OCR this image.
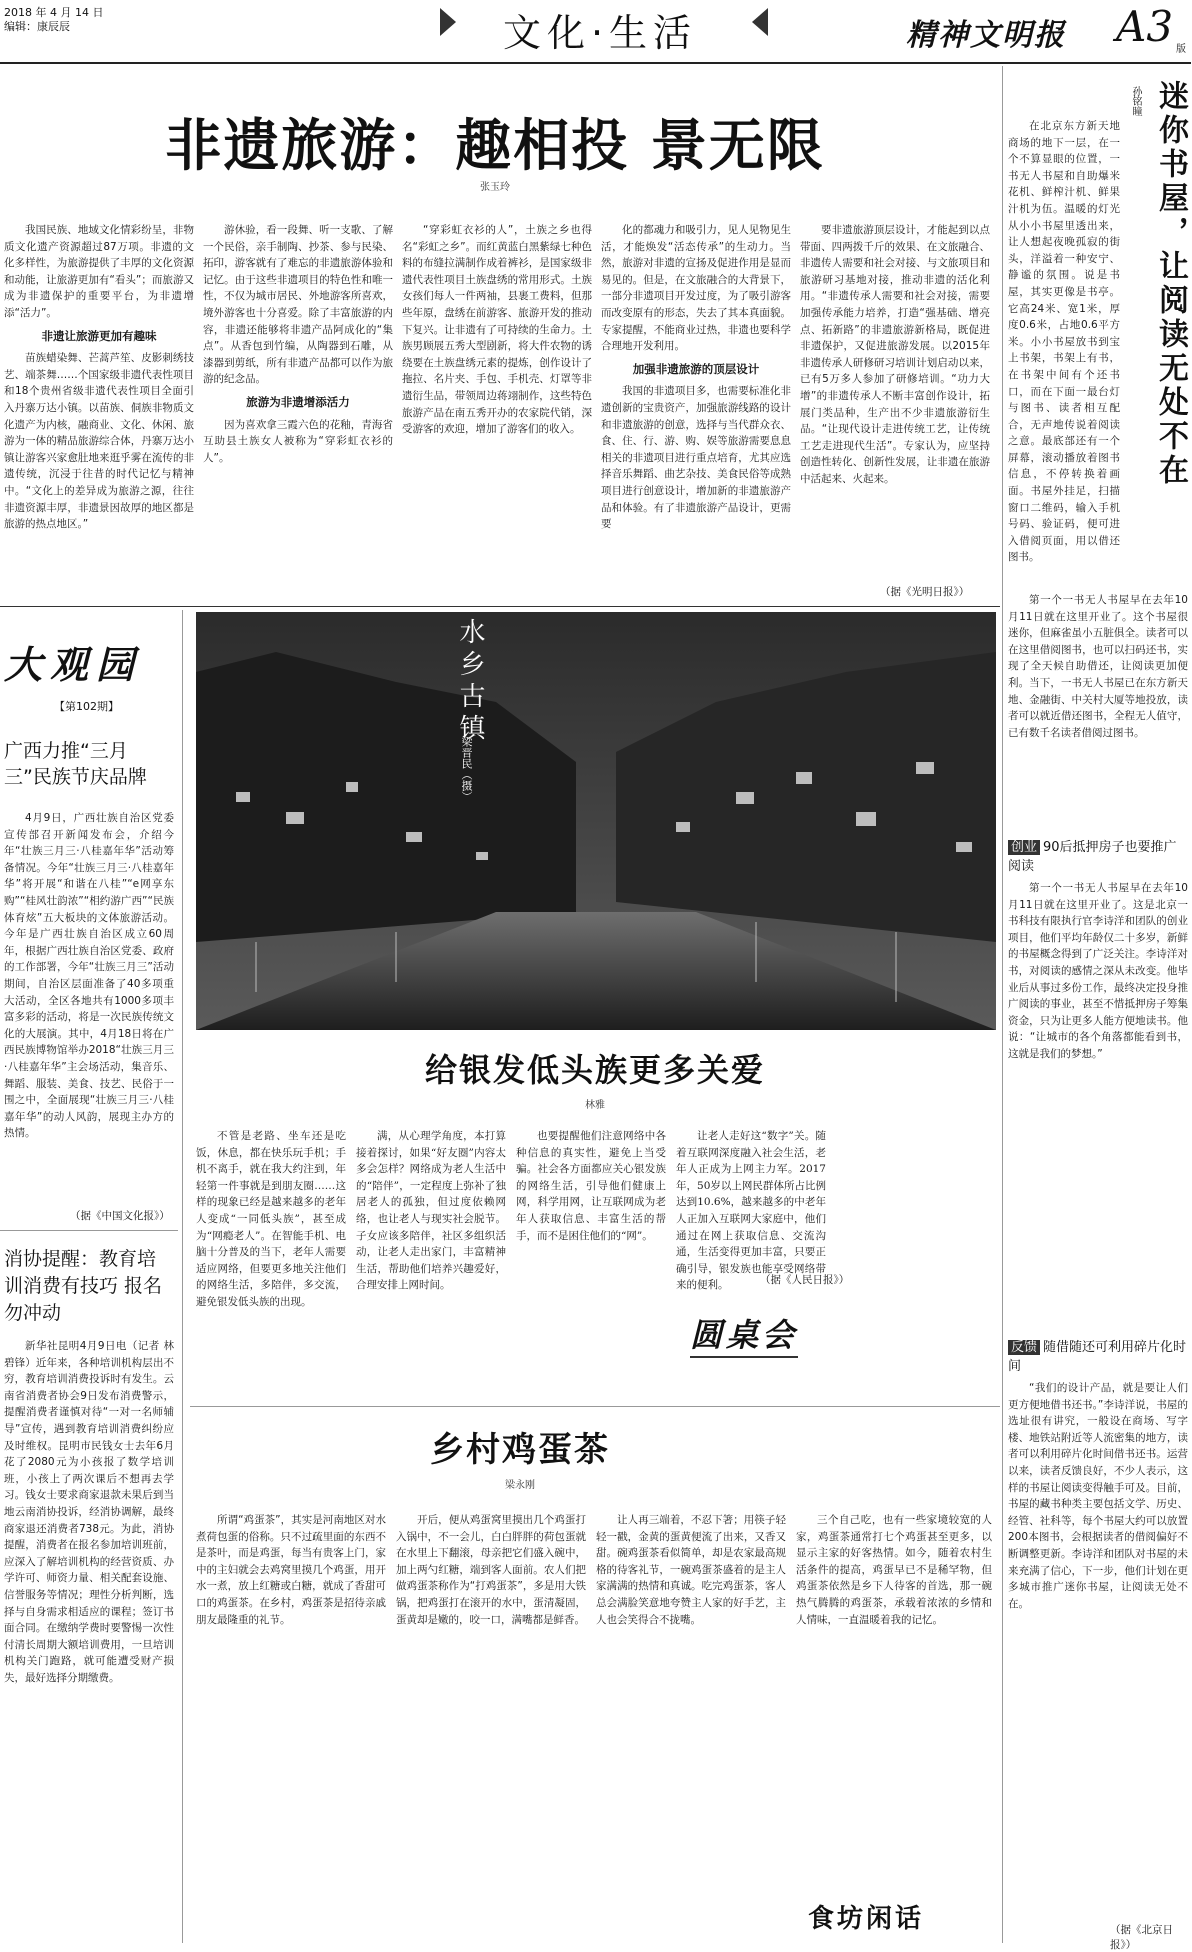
2018 年 4 月 14 日
编辑：康辰辰	文化·生活	精神文明报 A3 版
非遗旅游：趣相投 景无限
张玉玲

我国民族、地域文化情彩纷呈，非物质文化遗产资源超过87万项。非遗的文化多样性，为旅游提供了丰厚的文化资源和动能，让旅游更加有“看头”；而旅游又成为非遗保护的重要平台，为非遗增添“活力”。

非遗让旅游更加有趣味

苗族蜡染舞、芒蒿芦笙、皮影刺绣技艺、端茶舞……个国家级非遗代表性项目和18个贵州省级非遗代表性项目全面引入丹寨万达小镇。以苗族、侗族非物质文化遗产为内核，融商业、文化、休闲、旅游为一体的精品旅游综合体，丹寨万达小镇让游客兴家愈肚地来逛乎雾在流传的非遗传统，沉浸于往昔的时代记忆与精神中。“文化上的差异成为旅游之源，往往非遗资源丰厚，非遗景因故厚的地区都是旅游的热点地区。”

游休验，看一段舞、听一支歌、了解一个民俗，亲手制陶、抄茶、参与民染、拓印，游客就有了难忘的非遗旅游体验和记忆。由于这些非遗项目的特色性和唯一性，不仅为城市居民、外地游客所喜欢，境外游客也十分喜爱。除了丰富旅游的内容，非遗还能够将非遗产品阿成化的“集点”。从香包到竹编，从陶器到石雕，从漆器到剪纸，所有非遗产品都可以作为旅游的纪念品。

旅游为非遗增添活力

因为喜欢拿三霞六色的花釉，青海省互助县土族女人被称为“穿彩虹衣衫的人”。

“穿彩虹衣衫的人”，土族之乡也得名“彩虹之乡”。而红黄蓝白黑紫绿七种色料的布缝拉满制作成着裤衫，是国家级非遗代表性项目土族盘绣的常用形式。土族女孩们每人一件两袖，县裹工费料，但那些年原，盘绣在前游客、旅游开发的推动下复兴。让非遗有了可持续的生命力。土族男顾展五秀大型剧新，将大件农物的诱绕要在土族盘绣元素的提炼，创作设计了拖拉、名片夹、手包、手机壳、灯罩等非遗衍生品，带领周边蒋翊制作，这些特色旅游产品在南五秀开办的农家院代销，深受游客的欢迎，增加了游客们的收入。

化的都魂力和吸引力，见人见物见生活，才能焕发“活态传承”的生动力。当然，旅游对非遗的宣扬及促进作用是显而易见的。但是，在文旅融合的大背景下，一部分非遗项目开发过度，为了吸引游客而改变原有的形态，失去了其本真面貌。专家提醒，不能商业过热，非遗也要科学合理地开发利用。

加强非遗旅游的顶层设计

我国的非遗项目多，也需要标准化非遗创新的宝贵资产，加强旅游线路的设计和非遗旅游的创意，选择与当代群众衣、食、住、行、游、购、娱等旅游需要息息相关的非遗项目进行重点培育，尤其应选择音乐舞蹈、曲艺杂技、美食民俗等成熟项目进行创意设计，增加新的非遗旅游产品和体验。有了非遗旅游产品设计，更需要

要非遗旅游顶层设计，才能起到以点带面、四两拨千斤的效果、在文旅融合、非遗传人需要和社会对接、与文旅项目和旅游研习基地对接，推动非遗的活化利用。“非遗传承人需要和社会对接，需要加强传承能力培养，打造“强基础、增亮点、拓新路”的非遗旅游新格局，既促进非遗保护，又促进旅游发展。以2015年非遗传承人研修研习培训计划启动以来，已有5万多人参加了研修培训。“功力大增”的非遗传承人不断丰富创作设计，拓展门类品种，生产出不少非遗旅游衍生品。“让现代设计走进传统工艺，让传统工艺走进现代生活”。专家认为，应坚持创造性转化、创新性发展，让非遗在旅游中活起来、火起来。

（据《光明日报》）
大观园
【第102期】
广西力推“三月三”民族节庆品牌

4月9日，广西壮族自治区党委宣传部召开新闻发布会，介绍今年“壮族三月三·八桂嘉年华”活动筹备情况。今年“壮族三月三·八桂嘉年华”将开展“和谐在八桂”“e网享东购”“桂风壮韵浓”“相约游广西”“民族体育炫”五大板块的文体旅游活动。今年是广西壮族自治区成立60周年，根据广西壮族自治区党委、政府的工作部署，今年“壮族三月三”活动期间，自治区层面准备了40多项重大活动，全区各地共有1000多项丰富多彩的活动，将是一次民族传统文化的大展演。其中，4月18日将在广西民族博物馆举办2018“壮族三月三·八桂嘉年华”主会场活动，集音乐、舞蹈、服装、美食、技艺、民俗于一围之中，全面展现“壮族三月三·八桂嘉年华”的动人风韵，展现主办方的热情。

（据《中国文化报》）
消协提醒：教育培训消费有技巧 报名勿冲动

新华社昆明4月9日电（记者 林碧锋）近年来，各种培训机构层出不穷，教育培训消费投诉时有发生。云南省消费者协会9日发布消费警示，提醒消费者谨慎对待“一对一名师辅导”宣传，遇到教育培训消费纠纷应及时维权。昆明市民钱女士去年6月花了2080元为小孩报了数学培训班，小孩上了两次课后不想再去学习。钱女士要求商家退款未果后到当地云南消协投诉，经消协调解，最终商家退还消费者738元。为此，消协提醒，消费者在报名参加培训班前，应深入了解培训机构的经营资质、办学许可、师资力量、相关配套设施、信誉服务等情况；理性分析判断，选择与自身需求相适应的课程；签订书面合同。在缴纳学费时要警惕一次性付清长周期大额培训费用，一旦培训机构关门跑路，就可能遭受财产损失，最好选择分期缴费。

水乡古镇
梁晋民（摄）
给银发低头族更多关爱
林雅

不管是老路、坐车还是吃饭，休息，都在快乐玩手机；手机不离手，就在我大约注到，年轻第一件事就是到朋友圈……这样的现象已经是越来越多的老年人变成“一同低头族”，甚至成为“网瘾老人”。在智能手机、电脑十分普及的当下，老年人需要适应网络，但要更多地关注他们的网络生活，多陪伴，多交流，避免银发低头族的出现。

满，从心理学角度，本打算接着探讨，如果“好友圈”内容太多会怎样？网络成为老人生活中的“陪伴”，一定程度上弥补了独居老人的孤独，但过度依赖网络，也让老人与现实社会脱节。子女应该多陪伴，社区多组织活动，让老人走出家门，丰富精神生活，帮助他们培养兴趣爱好，合理安排上网时间。

也要提醒他们注意网络中各种信息的真实性，避免上当受骗。社会各方面都应关心银发族的网络生活，引导他们健康上网，科学用网，让互联网成为老年人获取信息、丰富生活的帮手，而不是困住他们的“网”。

让老人走好这“数字”关。随着互联网深度融入社会生活，老年人正成为上网主力军。2017年，50岁以上网民群体所占比例达到10.6%，越来越多的中老年人正加入互联网大家庭中，他们通过在网上获取信息、交流沟通，生活变得更加丰富，只要正确引导，银发族也能享受网络带来的便利。	（据《人民日报》）
圆桌会
乡村鸡蛋茶
梁永刚

所谓“鸡蛋茶”，其实是河南地区对水煮荷包蛋的俗称。只不过疏里面的东西不是茶叶，而是鸡蛋，每当有贵客上门，家中的主妇就会去鸡窝里摸几个鸡蛋，用开水一煮，放上红糖或白糖，就成了香甜可口的鸡蛋茶。在乡村，鸡蛋茶是招待亲戚朋友最隆重的礼节。

开后，便从鸡蛋窝里摸出几个鸡蛋打入锅中，不一会儿，白白胖胖的荷包蛋就在水里上下翻滚，母亲把它们盛入碗中，加上两勺红糖，端到客人面前。农人们把做鸡蛋茶称作为“打鸡蛋茶”，多是用大铁锅，把鸡蛋打在滚开的水中，蛋清凝固，蛋黄却是嫩的，咬一口，满嘴都是鲜香。

让人再三端着，不忍下箸；用筷子轻轻一戳，金黄的蛋黄便流了出来，又香又甜。碗鸡蛋茶看似简单，却是农家最高规格的待客礼节，一碗鸡蛋茶盛着的是主人家满满的热情和真诚。吃完鸡蛋茶，客人总会满脸笑意地夸赞主人家的好手艺，主人也会笑得合不拢嘴。

三个自己吃，也有一些家境较宽的人家，鸡蛋茶通常打七个鸡蛋甚至更多，以显示主家的好客热情。如今，随着农村生活条件的提高，鸡蛋早已不是稀罕物，但鸡蛋茶依然是乡下人待客的首选，那一碗热气腾腾的鸡蛋茶，承载着浓浓的乡情和人情味，一直温暖着我的记忆。

食坊闲话
迷你书屋，让阅读无处不在
孙铭瞳

在北京东方新天地商场的地下一层，在一个不算显眼的位置，一书无人书屋和自助爆米花机、鲜榨汁机、鲜果汁机为伍。温暖的灯光从小小书屋里透出来，让人想起夜晚孤寂的街头，洋溢着一种安宁、静谧的氛围。说是书屋，其实更像是书亭。它高24米、宽1米，厚度0.6米，占地0.6平方米。小小书屋放书到宝上书架，书架上有书，在书架中间有个还书口，而在下面一最台灯与图书、读者相互配合，无声地传说着阅读之意。最底部还有一个屏幕，滚动播放着图书信息，不停转换着画面。书屋外挂足，扫描窗口二维码，输入手机号码、验证码，便可进入借阅页面，用以借还图书。

第一个一书无人书屋早在去年10月11日就在这里开业了。这个书屋很迷你，但麻雀虽小五脏俱全。读者可以在这里借阅图书，也可以扫码还书，实现了全天候自助借还，让阅读更加便利。当下，一书无人书屋已在东方新天地、金融街、中关村大厦等地投放，读者可以就近借还图书，全程无人值守，已有数千名读者借阅过图书。

创业 90后抵押房子也要推广阅读

第一个一书无人书屋早在去年10月11日就在这里开业了。这是北京一书科技有限执行官李诗洋和团队的创业项目，他们平均年龄仅二十多岁，新鲜的书屋概念得到了广泛关注。李诗洋对书，对阅读的感情之深从未改变。他毕业后从事过多份工作，最终决定投身推广阅读的事业，甚至不惜抵押房子筹集资金，只为让更多人能方便地读书。他说：“让城市的各个角落都能看到书，这就是我们的梦想。”

反馈 随借随还可利用碎片化时间

“我们的设计产品，就是要让人们更方便地借书还书。”李诗洋说，书屋的选址很有讲究，一般设在商场、写字楼、地铁站附近等人流密集的地方，读者可以利用碎片化时间借书还书。运营以来，读者反馈良好，不少人表示，这样的书屋让阅读变得触手可及。目前，书屋的藏书种类主要包括文学、历史、经管、社科等，每个书屋大约可以放置200本图书，会根据读者的借阅偏好不断调整更新。李诗洋和团队对书屋的未来充满了信心，下一步，他们计划在更多城市推广迷你书屋，让阅读无处不在。

（据《北京日报》）
